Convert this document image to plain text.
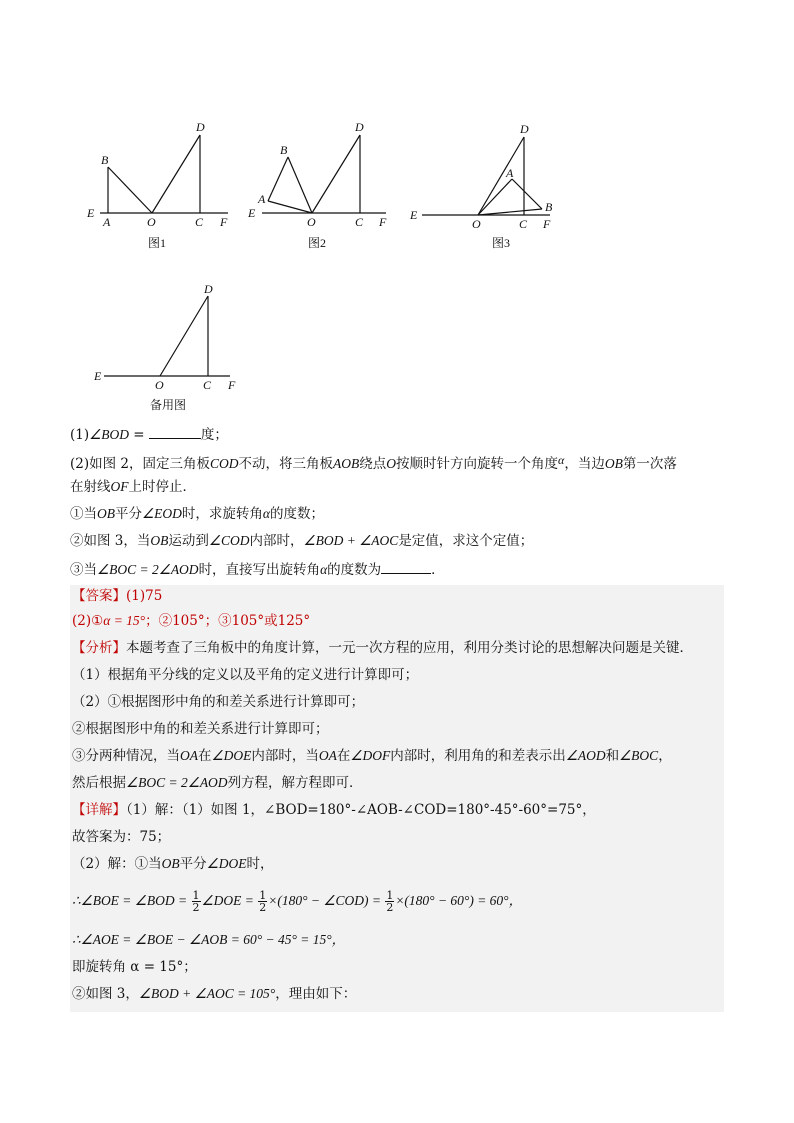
D
B
E
A	O	C F
图1
D
B
A
E
O	C F
图2
D
A
B
E
O	C F
图3
D
E
O	C F
备用图
(1)∠BOD =	度；
(2)如图 2，固定三角板COD不动，将三角板AOB绕点O按顺时针方向旋转一个角度α，当边OB第一次落
在射线OF上时停止．
①当OB平分∠EOD时，求旋转角α的度数；
②如图 3，当OB运动到∠COD内部时，∠BOD + ∠AOC是定值，求这个定值；
③当∠BOC = 2∠AOD时，直接写出旋转角α的度数为	．
【答案】(1)75
(2)①α = 15°；②105°；③105°或125°
【分析】本题考查了三角板中的角度计算，一元一次方程的应用，利用分类讨论的思想解决问题是关键．
（1）根据角平分线的定义以及平角的定义进行计算即可；
（2）①根据图形中角的和差关系进行计算即可；
②根据图形中角的和差关系进行计算即可；
③分两种情况，当OA在∠DOE内部时，当OA在∠DOF内部时，利用角的和差表示出∠AOD和∠BOC，
然后根据∠BOC = 2∠AOD列方程，解方程即可．
【详解】（1）解：（1）如图 1，∠BOD=180°-∠AOB-∠COD=180°-45°-60°=75°，
故答案为：75；
（2）解：①当OB平分∠DOE时，
∴∠BOE = ∠BOD = $\frac{1}{2}$ ∠DOE = $\frac{1}{2} \times(180^\circ$ − ∠COD) = $\frac{1}{2} \times(180^\circ - 60^\circ) = 60^\circ$，
∴∠AOE = ∠BOE − ∠AOB = 60° − 45° = 15°，
即旋转角 α = 15°；
②如图 3，∠BOD + ∠AOC = 105°，理由如下：
